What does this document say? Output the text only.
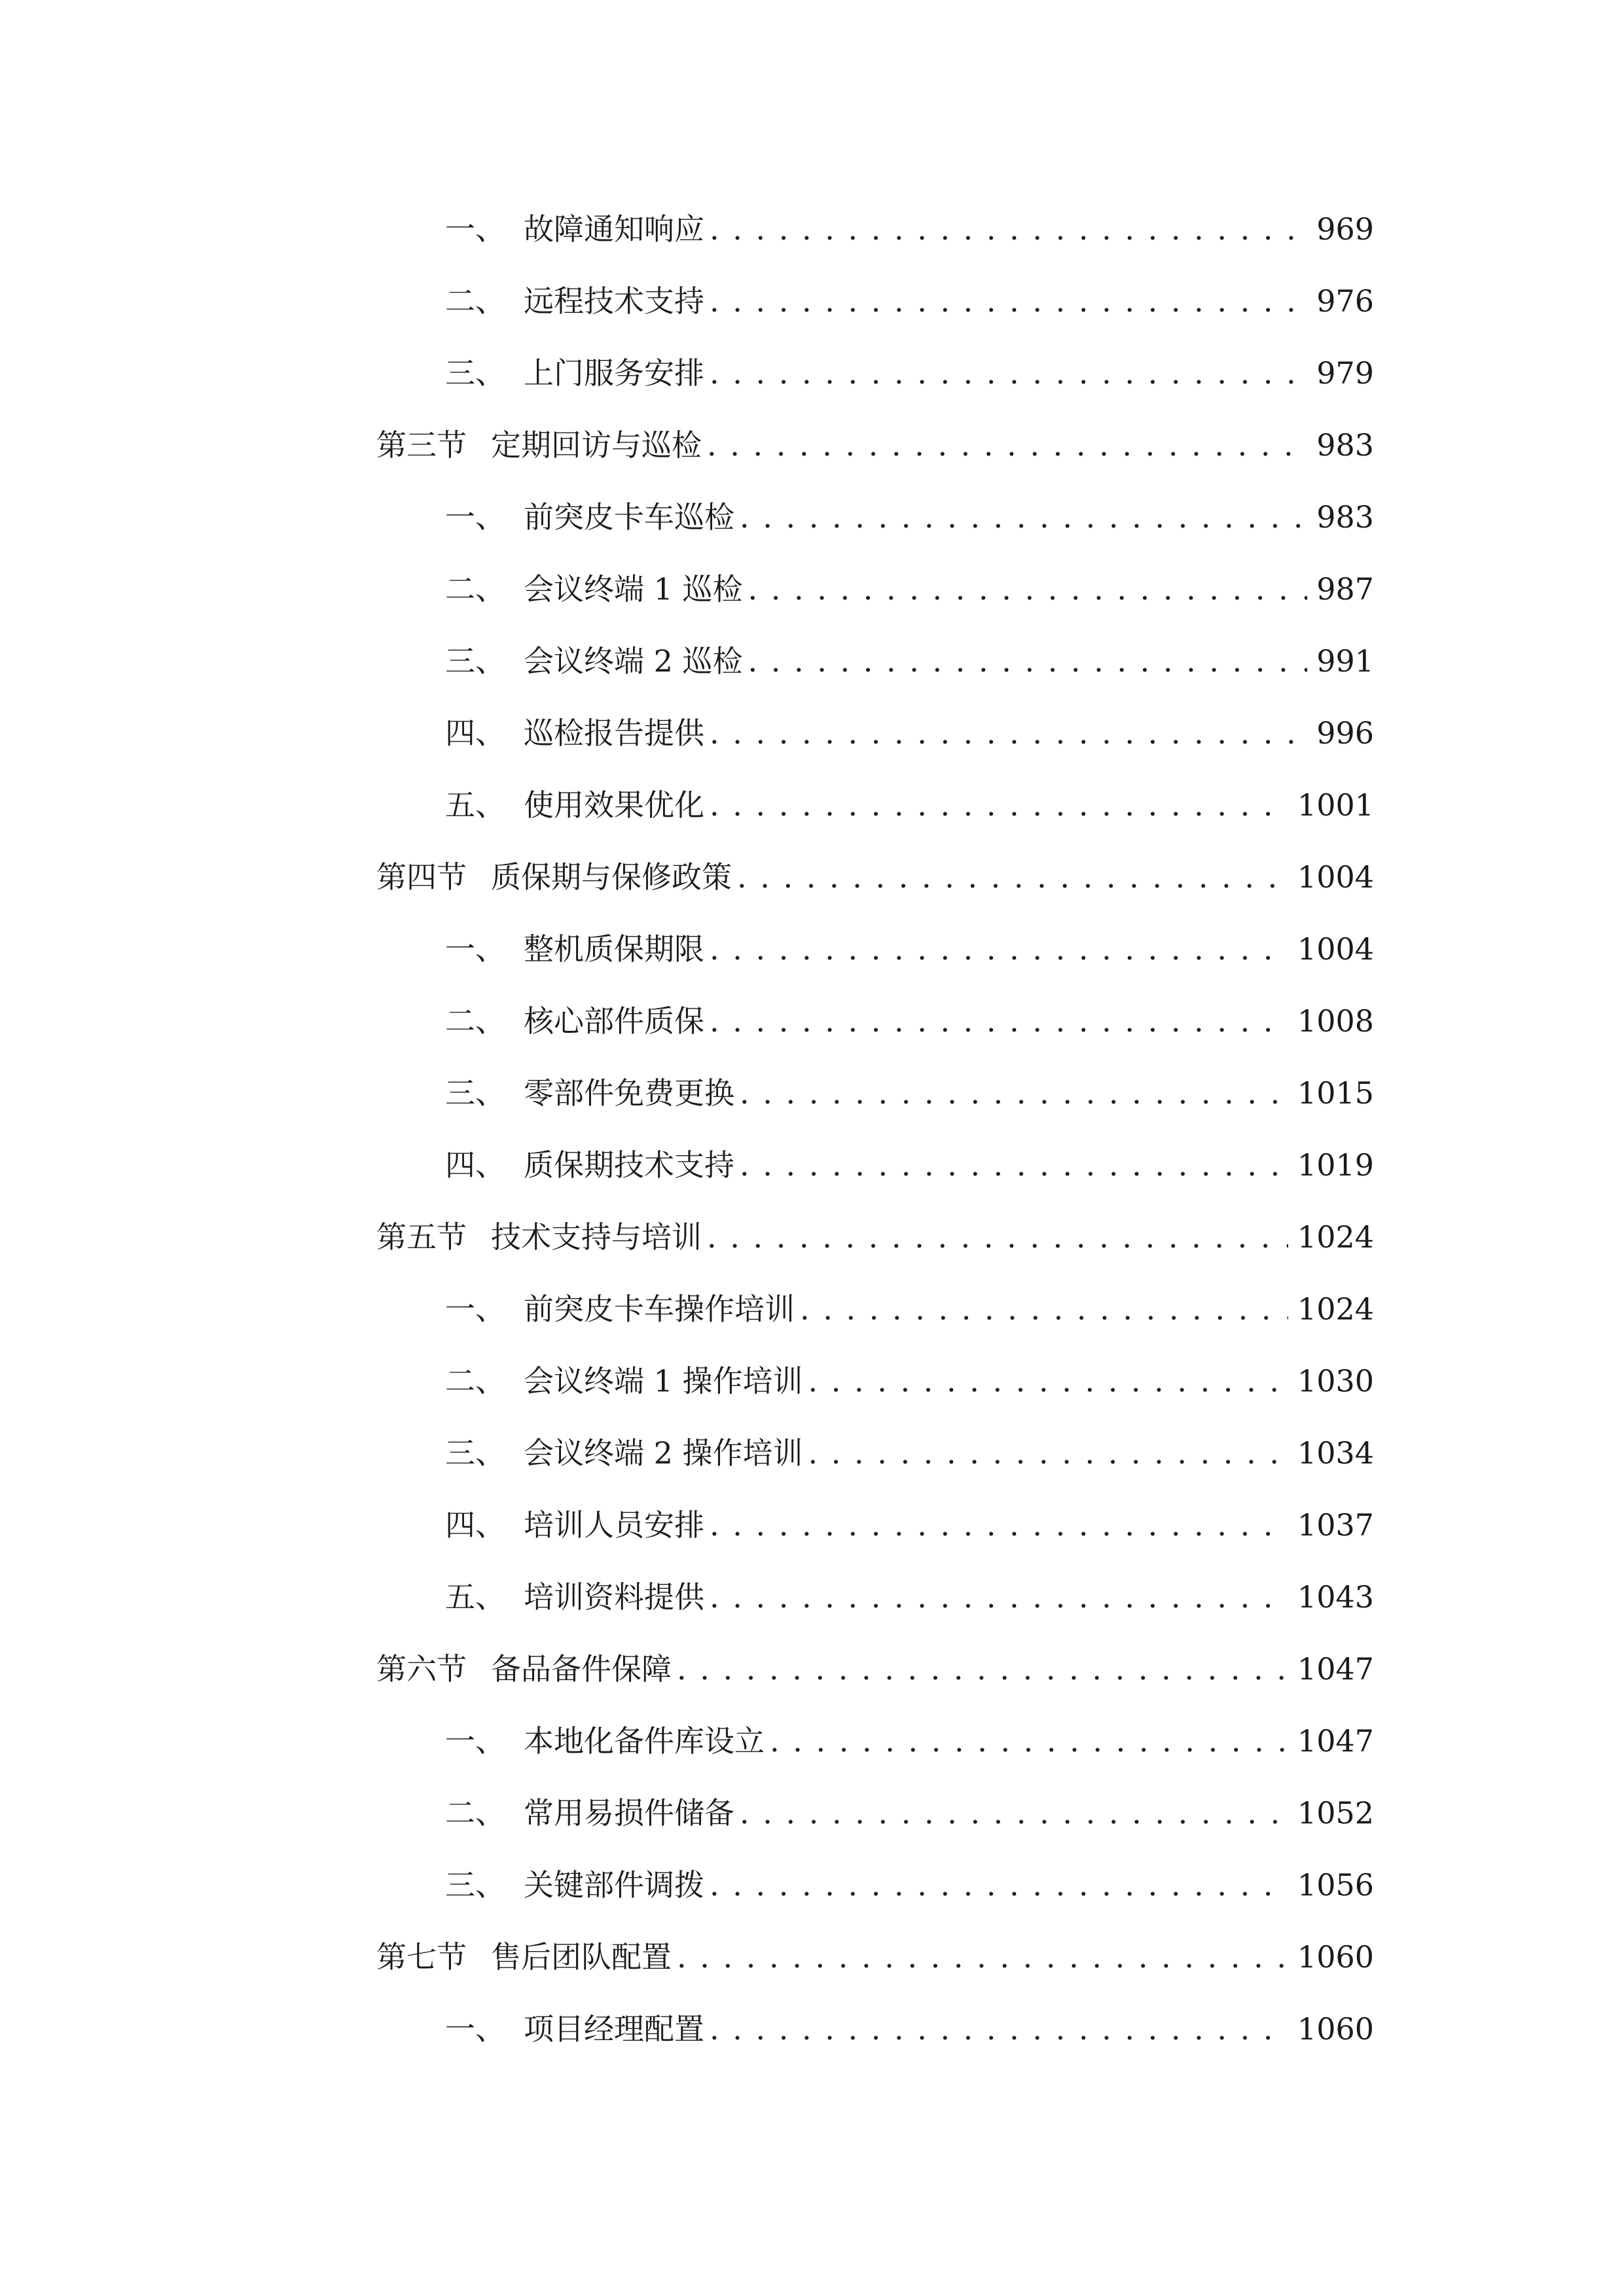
一、 故障通知响应 . . .	969
二、 远程技术支持 . . .	976
三、 上门服务安排 . . .	979
第三节 定期回访与巡检 . . .	983
一、 前突皮卡车巡检 . . .	983
二、 会议终端 1 巡检 . . .	987
三、 会议终端 2 巡检 . . .	991
四、 巡检报告提供 . . .	996
五、 使用效果优化 . . .	1001
第四节 质保期与保修政策 . . .	1004
一、 整机质保期限 . . .	1004
二、 核心部件质保 . . .	1008
三、 零部件免费更换 . . .	1015
四、 质保期技术支持 . . .	1019
第五节 技术支持与培训 . . .	1024
一、 前突皮卡车操作培训 . . .	1024
二、 会议终端 1 操作培训 . . .	1030
三、 会议终端 2 操作培训 . . .	1034
四、 培训人员安排 . . .	1037
五、 培训资料提供 . . .	1043
第六节 备品备件保障 . . .	1047
一、 本地化备件库设立 . . .	1047
二、 常用易损件储备 . . .	1052
三、 关键部件调拨 . . .	1056
第七节 售后团队配置 . . .	1060
一、 项目经理配置 . . .	1060
